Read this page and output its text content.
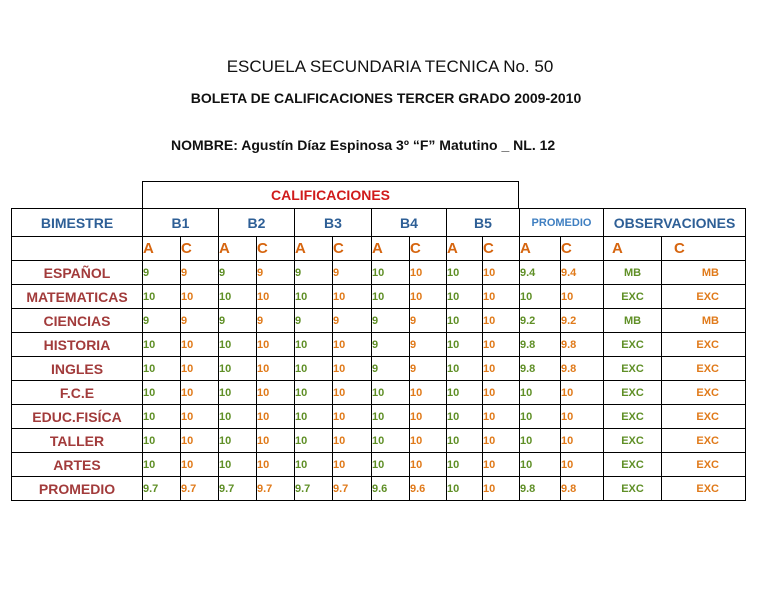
ESCUELA SECUNDARIA TECNICA No. 50
BOLETA DE CALIFICACIONES TERCER GRADO 2009-2010
NOMBRE: Agustín Díaz Espinosa 3º “F” Matutino _ NL. 12
CALIFICACIONES
BIMESTRE	B1		B2		B3		B4		B5		PROMEDIO		OBSERVACIONES	
	A	C	A	C	A	C	A	C	A	C	A	C	A	C
ESPAÑOL	9	9	9	9	9	9	10	10	10	10	9.4	9.4	MB	MB
MATEMATICAS	10	10	10	10	10	10	10	10	10	10	10	10	EXC	EXC
CIENCIAS	9	9	9	9	9	9	9	9	10	10	9.2	9.2	MB	MB
HISTORIA	10	10	10	10	10	10	9	9	10	10	9.8	9.8	EXC	EXC
INGLES	10	10	10	10	10	10	9	9	10	10	9.8	9.8	EXC	EXC
F.C.E	10	10	10	10	10	10	10	10	10	10	10	10	EXC	EXC
EDUC.FISÍCA	10	10	10	10	10	10	10	10	10	10	10	10	EXC	EXC
TALLER	10	10	10	10	10	10	10	10	10	10	10	10	EXC	EXC
ARTES	10	10	10	10	10	10	10	10	10	10	10	10	EXC	EXC
PROMEDIO	9.7	9.7	9.7	9.7	9.7	9.7	9.6	9.6	10	10	9.8	9.8	EXC	EXC
